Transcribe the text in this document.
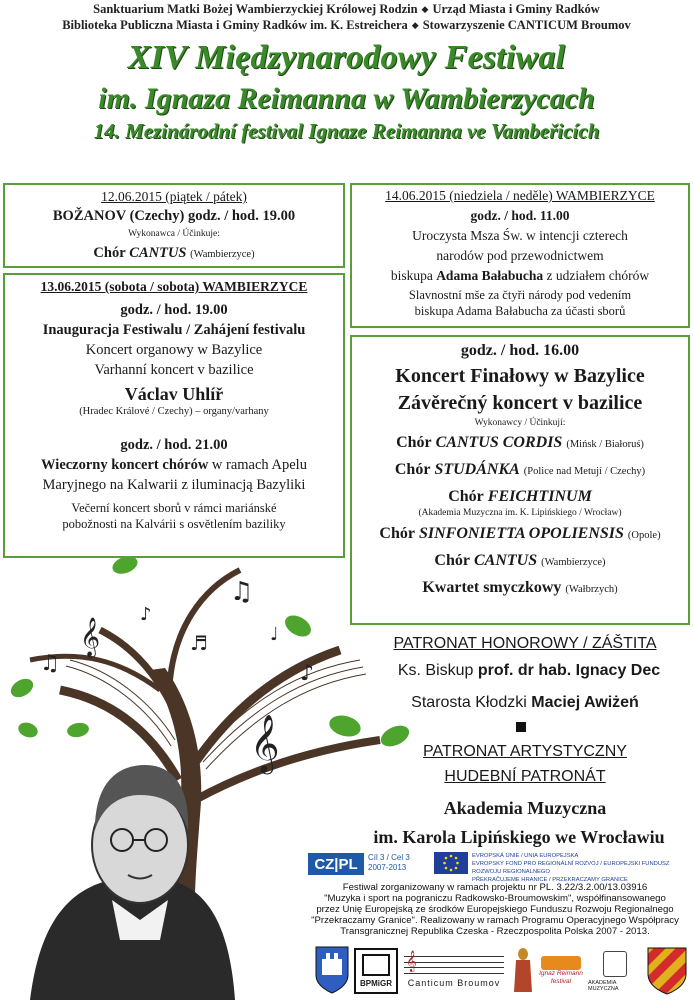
𝄞
𝄞
♫
♫
♪
♬	♩
♪
Sanktuarium Matki Bożej Wambierzyckiej Królowej Rodzin ◆ Urząd Miasta i Gminy Radków
Biblioteka Publiczna Miasta i Gminy Radków im. K. Estreichera ◆ Stowarzyszenie CANTICUM Broumov
XIV Międzynarodowy Festiwal
im. Ignaza Reimanna w Wambierzycach
14. Mezinárodní festival Ignaze Reimanna ve Vambeřicích

12.06.2015 (piątek / pátek)

BOŽANOV (Czechy) godz. / hod. 19.00

Wykonawca / Účinkuje:

Chór CANTUS (Wambierzyce)

14.06.2015 (niedziela / neděle) WAMBIERZYCE

godz. / hod. 11.00

Uroczysta Msza Św. w intencji czterech

narodów pod przewodnictwem

biskupa Adama Bałabucha z udziałem chórów

Slavnostní mše za čtyři národy pod vedením

biskupa Adama Bałabucha za účasti sborů

13.06.2015 (sobota / sobota) WAMBIERZYCE

godz. / hod. 19.00

Inauguracja Festiwalu / Zahájení festivalu

Koncert organowy w Bazylice

Varhanní koncert v bazilice

Václav Uhlíř

(Hradec Králové / Czechy) – organy/varhany

godz. / hod. 21.00

Wieczorny koncert chórów w ramach Apelu

Maryjnego na Kalwarii z iluminacją Bazyliki

Večerní koncert sborů v rámci mariánské

pobožnosti na Kalvárii s osvětlením baziliky

godz. / hod. 16.00

Koncert Finałowy w Bazylice

Závěrečný koncert v bazilice

Wykonawcy / Účinkují:

Chór CANTUS CORDIS (Mińsk / Białoruś)

Chór STUDÁNKA (Police nad Metují / Czechy)

Chór FEICHTINUM

(Akademia Muzyczna im. K. Lipińskiego / Wrocław)

Chór SINFONIETTA OPOLIENSIS (Opole)

Chór CANTUS (Wambierzyce)

Kwartet smyczkowy (Wałbrzych)

PATRONAT HONOROWY / ZÁŠTITA
Ks. Biskup prof. dr hab. Ignacy Dec
Starosta Kłodzki Maciej Awiżeń
PATRONAT ARTYSTYCZNY
HUDEBNÍ PATRONÁT
Akademia Muzyczna
im. Karola Lipińskiego we Wrocławiu
CZ|PL	Cíl 3 / Cel 3
2007-2013
EVROPSKÁ UNIE / UNIA EUROPEJSKA
EVROPSKÝ FOND PRO REGIONÁLNÍ ROZVOJ / EUROPEJSKI FUNDUSZ ROZWOJU REGIONALNEGO
PŘEKRAČUJEME HRANICE / PRZEKRACZAMY GRANICE
Festiwal zorganizowany w ramach projektu nr PL. 3.22/3.2.00/13.03916
"Muzyka i sport na pograniczu Radkowsko-Broumowskim", współfinansowanego
przez Unię Europejską ze środków Europejskiego Funduszu Rozwoju Regionalnego
"Przekraczamy Granice". Realizowany w ramach Programu Operacyjnego Współpracy
Transgranicznej Republika Czeska - Rzeczpospolita Polska 2007 - 2013.
BPMiGR
𝄞
Canticum Broumov
Ignaz Reimann festival	AKADEMIA MUZYCZNA
